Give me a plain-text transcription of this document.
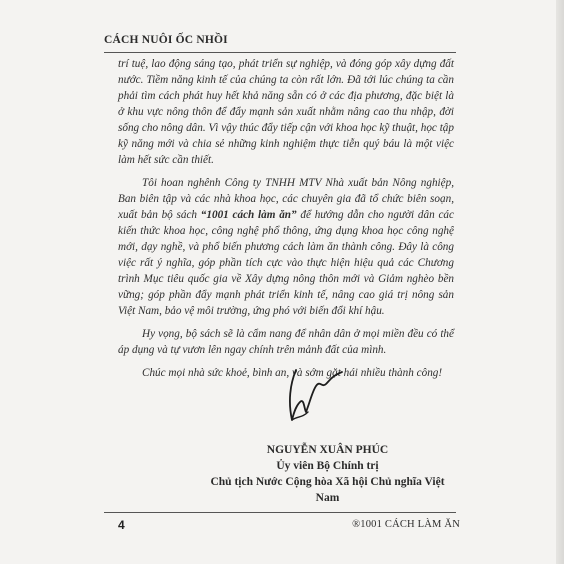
CÁCH NUÔI ỐC NHỒI

trí tuệ, lao động sáng tạo, phát triển sự nghiệp, và đóng góp xây dựng đất nước. Tiềm năng kinh tế của chúng ta còn rất lớn. Đã tới lúc chúng ta cần phải tìm cách phát huy hết khả năng sẵn có ở các địa phương, đặc biệt là ở khu vực nông thôn để đẩy mạnh sản xuất nhằm nâng cao thu nhập, đời sống cho nông dân. Vì vậy thúc đẩy tiếp cận với khoa học kỹ thuật, học tập kỹ năng mới và chia sẻ những kinh nghiệm thực tiễn quý báu là một việc làm hết sức cần thiết.

Tôi hoan nghênh Công ty TNHH MTV Nhà xuất bản Nông nghiệp, Ban biên tập và các nhà khoa học, các chuyên gia đã tổ chức biên soạn, xuất bản bộ sách “1001 cách làm ăn” để hướng dẫn cho người dân các kiến thức khoa học, công nghệ phổ thông, ứng dụng khoa học công nghệ mới, dạy nghề, và phổ biến phương cách làm ăn thành công. Đây là công việc rất ý nghĩa, góp phần tích cực vào thực hiện hiệu quả các Chương trình Mục tiêu quốc gia về Xây dựng nông thôn mới và Giảm nghèo bền vững; góp phần đẩy mạnh phát triển kinh tế, nâng cao giá trị nông sản Việt Nam, bảo vệ môi trường, ứng phó với biến đổi khí hậu.

Hy vọng, bộ sách sẽ là cẩm nang để nhân dân ở mọi miền đều có thể áp dụng và tự vươn lên ngay chính trên mảnh đất của mình.

Chúc mọi nhà sức khoẻ, bình an, và sớm gặt hái nhiều thành công!

NGUYỄN XUÂN PHÚC
Ủy viên Bộ Chính trị
Chủ tịch Nước Cộng hòa Xã hội Chủ nghĩa Việt Nam
4	®1001 CÁCH LÀM ĂN
